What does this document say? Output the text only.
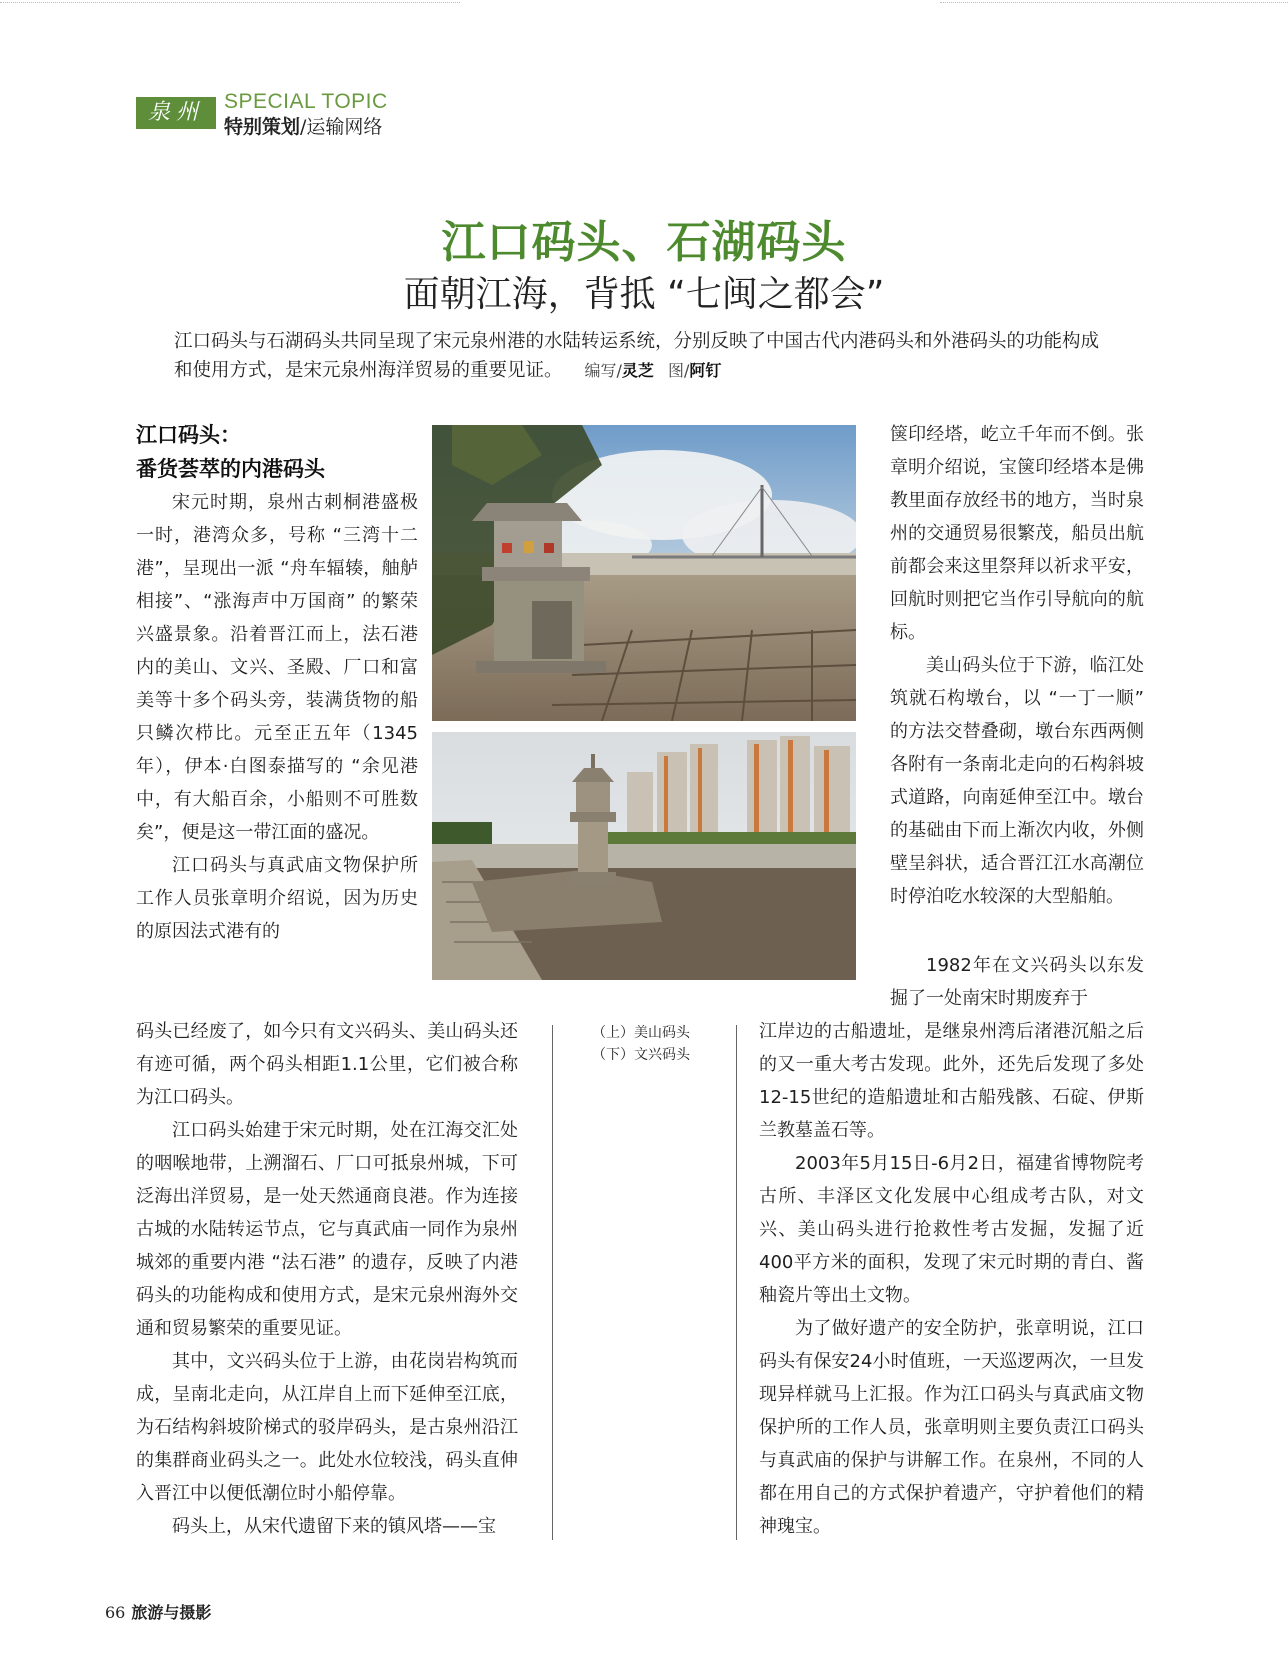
泉州 SPECIAL TOPIC
特别策划/运输网络
江口码头、石湖码头
面朝江海，背抵 “七闽之都会”
江口码头与石湖码头共同呈现了宋元泉州港的水陆转运系统，分别反映了中国古代内港码头和外港码头的功能构成和使用方式，是宋元泉州海洋贸易的重要见证。 编写/灵芝 图/阿钉
江口码头：
番货荟萃的内港码头

宋元时期，泉州古刺桐港盛极一时，港湾众多，号称 “三湾十二港”，呈现出一派 “舟车辐辏，舳舻相接”、“涨海声中万国商” 的繁荣兴盛景象。沿着晋江而上，法石港内的美山、文兴、圣殿、厂口和富美等十多个码头旁，装满货物的船只鳞次栉比。元至正五年（1345 年），伊本·白图泰描写的 “余见港中，有大船百余，小船则不可胜数矣”，便是这一带江面的盛况。

江口码头与真武庙文物保护所工作人员张章明介绍说，因为历史的原因法式港有的

箧印经塔，屹立千年而不倒。张章明介绍说，宝箧印经塔本是佛教里面存放经书的地方，当时泉州的交通贸易很繁茂，船员出航前都会来这里祭拜以祈求平安，回航时则把它当作引导航向的航标。

美山码头位于下游，临江处筑就石构墩台，以 “一丁一顺” 的方法交替叠砌，墩台东西两侧各附有一条南北走向的石构斜坡式道路，向南延伸至江中。墩台的基础由下而上渐次内收，外侧壁呈斜状，适合晋江江水高潮位时停泊吃水较深的大型船舶。

1982年在文兴码头以东发掘了一处南宋时期废弃于

码头已经废了，如今只有文兴码头、美山码头还有迹可循，两个码头相距1.1公里，它们被合称为江口码头。

江口码头始建于宋元时期，处在江海交汇处的咽喉地带，上溯溜石、厂口可抵泉州城，下可泛海出洋贸易，是一处天然通商良港。作为连接古城的水陆转运节点，它与真武庙一同作为泉州城郊的重要内港 “法石港” 的遗存，反映了内港码头的功能构成和使用方式，是宋元泉州海外交通和贸易繁荣的重要见证。

其中，文兴码头位于上游，由花岗岩构筑而成，呈南北走向，从江岸自上而下延伸至江底，为石结构斜坡阶梯式的驳岸码头，是古泉州沿江的集群商业码头之一。此处水位较浅，码头直伸入晋江中以便低潮位时小船停靠。

码头上，从宋代遗留下来的镇风塔——宝

（上）美山码头
（下）文兴码头

江岸边的古船遗址，是继泉州湾后渚港沉船之后的又一重大考古发现。此外，还先后发现了多处12-15世纪的造船遗址和古船残骸、石碇、伊斯兰教墓盖石等。

2003年5月15日-6月2日，福建省博物院考古所、丰泽区文化发展中心组成考古队，对文兴、美山码头进行抢救性考古发掘，发掘了近400平方米的面积，发现了宋元时期的青白、酱釉瓷片等出土文物。

为了做好遗产的安全防护，张章明说，江口码头有保安24小时值班，一天巡逻两次，一旦发现异样就马上汇报。作为江口码头与真武庙文物保护所的工作人员，张章明则主要负责江口码头与真武庙的保护与讲解工作。在泉州，不同的人都在用自己的方式保护着遗产，守护着他们的精神瑰宝。

66 旅游与摄影
